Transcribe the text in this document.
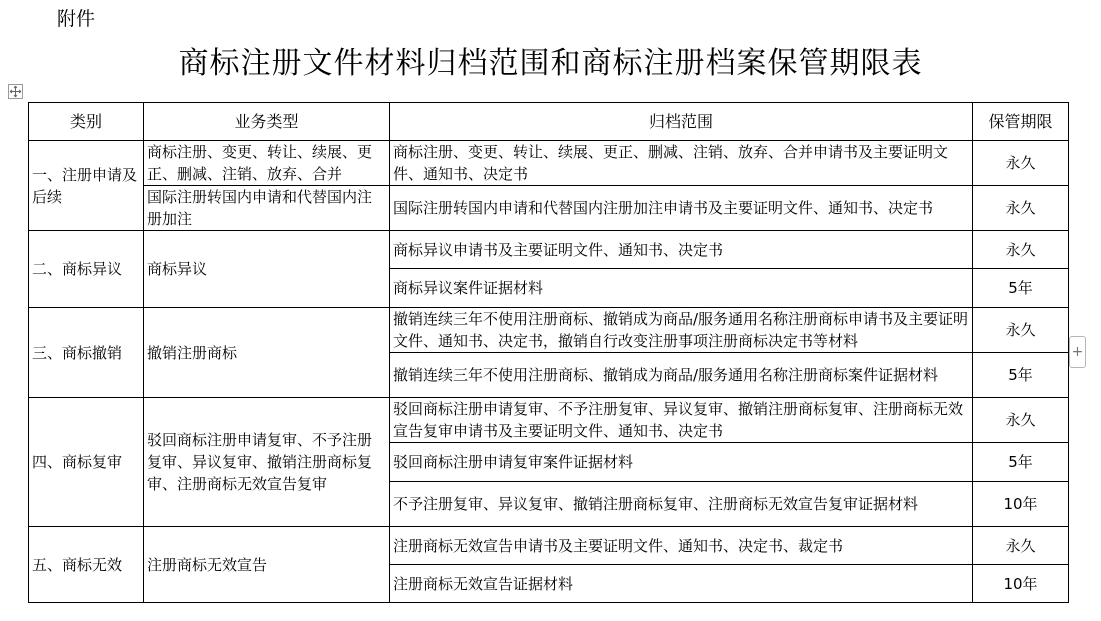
附件
商标注册文件材料归档范围和商标注册档案保管期限表
+
类别	业务类型	归档范围	保管期限
一、注册申请及后续	商标注册、变更、转让、续展、更正、删减、注销、放弃、合并	商标注册、变更、转让、续展、更正、删减、注销、放弃、合并申请书及主要证明文件、通知书、决定书	永久
	国际注册转国内申请和代替国内注册加注	国际注册转国内申请和代替国内注册加注申请书及主要证明文件、通知书、决定书	永久
二、商标异议	商标异议	商标异议申请书及主要证明文件、通知书、决定书	永久
		商标异议案件证据材料	5年
三、商标撤销	撤销注册商标	撤销连续三年不使用注册商标、撤销成为商品/服务通用名称注册商标申请书及主要证明文件、通知书、决定书，撤销自行改变注册事项注册商标决定书等材料	永久
		撤销连续三年不使用注册商标、撤销成为商品/服务通用名称注册商标案件证据材料	5年
四、商标复审	驳回商标注册申请复审、不予注册复审、异议复审、撤销注册商标复审、注册商标无效宣告复审	驳回商标注册申请复审、不予注册复审、异议复审、撤销注册商标复审、注册商标无效宣告复审申请书及主要证明文件、通知书、决定书	永久
		驳回商标注册申请复审案件证据材料	5年
		不予注册复审、异议复审、撤销注册商标复审、注册商标无效宣告复审证据材料	10年
五、商标无效	注册商标无效宣告	注册商标无效宣告申请书及主要证明文件、通知书、决定书、裁定书	永久
		注册商标无效宣告证据材料	10年
